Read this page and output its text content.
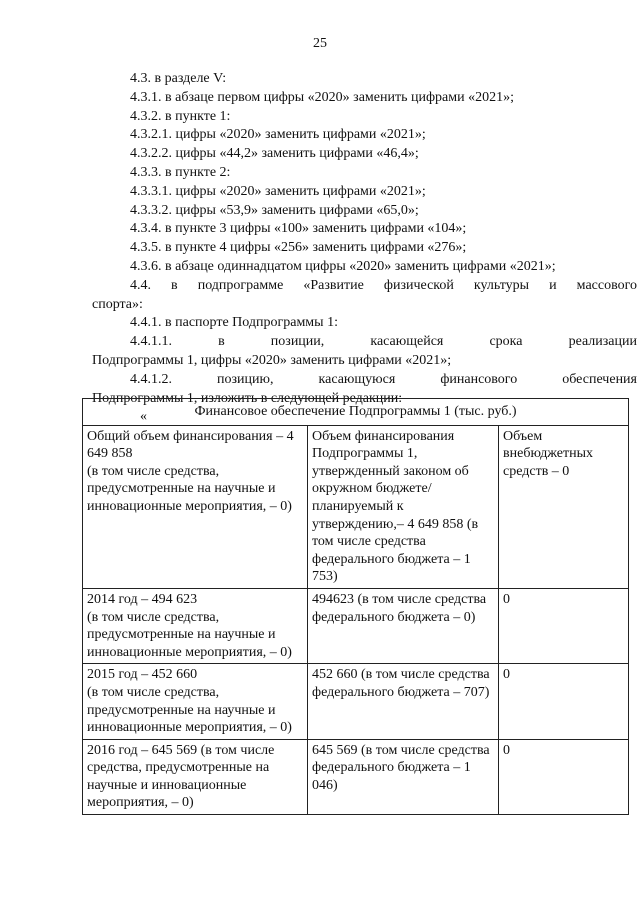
25

4.3. в разделе V:

4.3.1. в абзаце первом цифры «2020» заменить цифрами «2021»;

4.3.2. в пункте 1:

4.3.2.1. цифры «2020» заменить цифрами «2021»;

4.3.2.2. цифры «44,2» заменить цифрами «46,4»;

4.3.3. в пункте 2:

4.3.3.1. цифры «2020» заменить цифрами «2021»;

4.3.3.2. цифры «53,9» заменить цифрами «65,0»;

4.3.4. в пункте 3 цифры «100» заменить цифрами «104»;

4.3.5. в пункте 4 цифры «256» заменить цифрами «276»;

4.3.6. в абзаце одиннадцатом цифры «2020» заменить цифрами «2021»;

4.4. в подпрограмме «Развитие физической культуры и массового

спорта»:

4.4.1. в паспорте Подпрограммы 1:

4.4.1.1. в позиции, касающейся срока реализации

Подпрограммы 1, цифры «2020» заменить цифрами «2021»;

4.4.1.2. позицию, касающуюся финансового обеспечения

Подпрограммы 1, изложить в следующей редакции:

«	Финансовое обеспечение Подпрограммы 1 (тыс. руб.)		
Общий объем финансирования – 4 649 858
(в том числе средства, предусмотренные на научные и инновационные мероприятия, – 0)	Объем финансирования Подпрограммы 1, утвержденный законом об окружном бюджете/ планируемый к утверждению,– 4 649 858 (в том числе средства федерального бюджета – 1 753)	Объем внебюджетных средств – 0
2014 год – 494 623
(в том числе средства, предусмотренные на научные и инновационные мероприятия, – 0)	494623 (в том числе средства федерального бюджета – 0)	0
2015 год – 452 660
(в том числе средства, предусмотренные на научные и инновационные мероприятия, – 0)	452 660 (в том числе средства федерального бюджета – 707)	0
2016 год – 645 569 (в том числе средства, предусмотренные на научные и инновационные мероприятия, – 0)	645 569 (в том числе средства федерального бюджета – 1 046)	0
